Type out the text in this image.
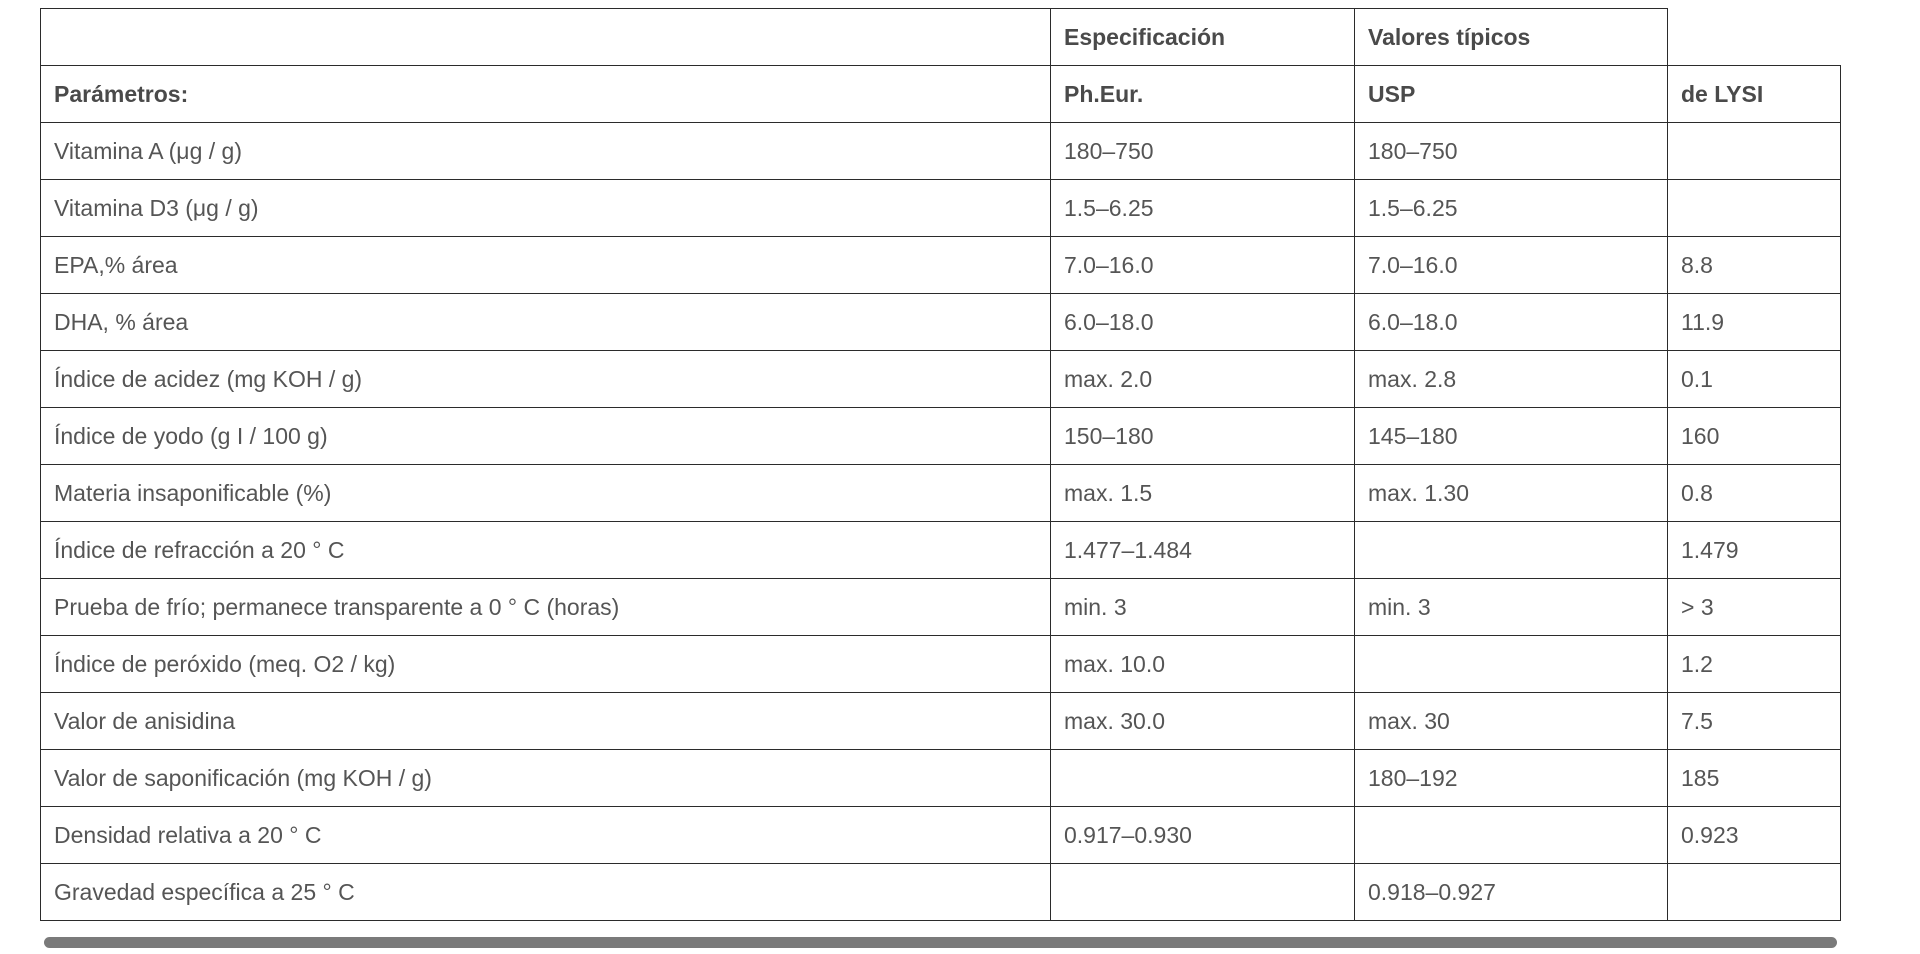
	Especificación	Valores típicos	
Parámetros:	Ph.Eur.	USP	de LYSI
Vitamina A (μg / g)	180–750	180–750	
Vitamina D3 (μg / g)	1.5–6.25	1.5–6.25	
EPA,% área	7.0–16.0	7.0–16.0	8.8
DHA, % área	6.0–18.0	6.0–18.0	11.9
Índice de acidez (mg KOH / g)	max. 2.0	max. 2.8	0.1
Índice de yodo (g I / 100 g)	150–180	145–180	160
Materia insaponificable (%)	max. 1.5	max. 1.30	0.8
Índice de refracción a 20 ° C	1.477–1.484		1.479
Prueba de frío; permanece transparente a 0 ° C (horas)	min. 3	min. 3	> 3
Índice de peróxido (meq. O2 / kg)	max. 10.0		1.2
Valor de anisidina	max. 30.0	max. 30	7.5
Valor de saponificación (mg KOH / g)		180–192	185
Densidad relativa a 20 ° C	0.917–0.930		0.923
Gravedad específica a 25 ° C		0.918–0.927	
